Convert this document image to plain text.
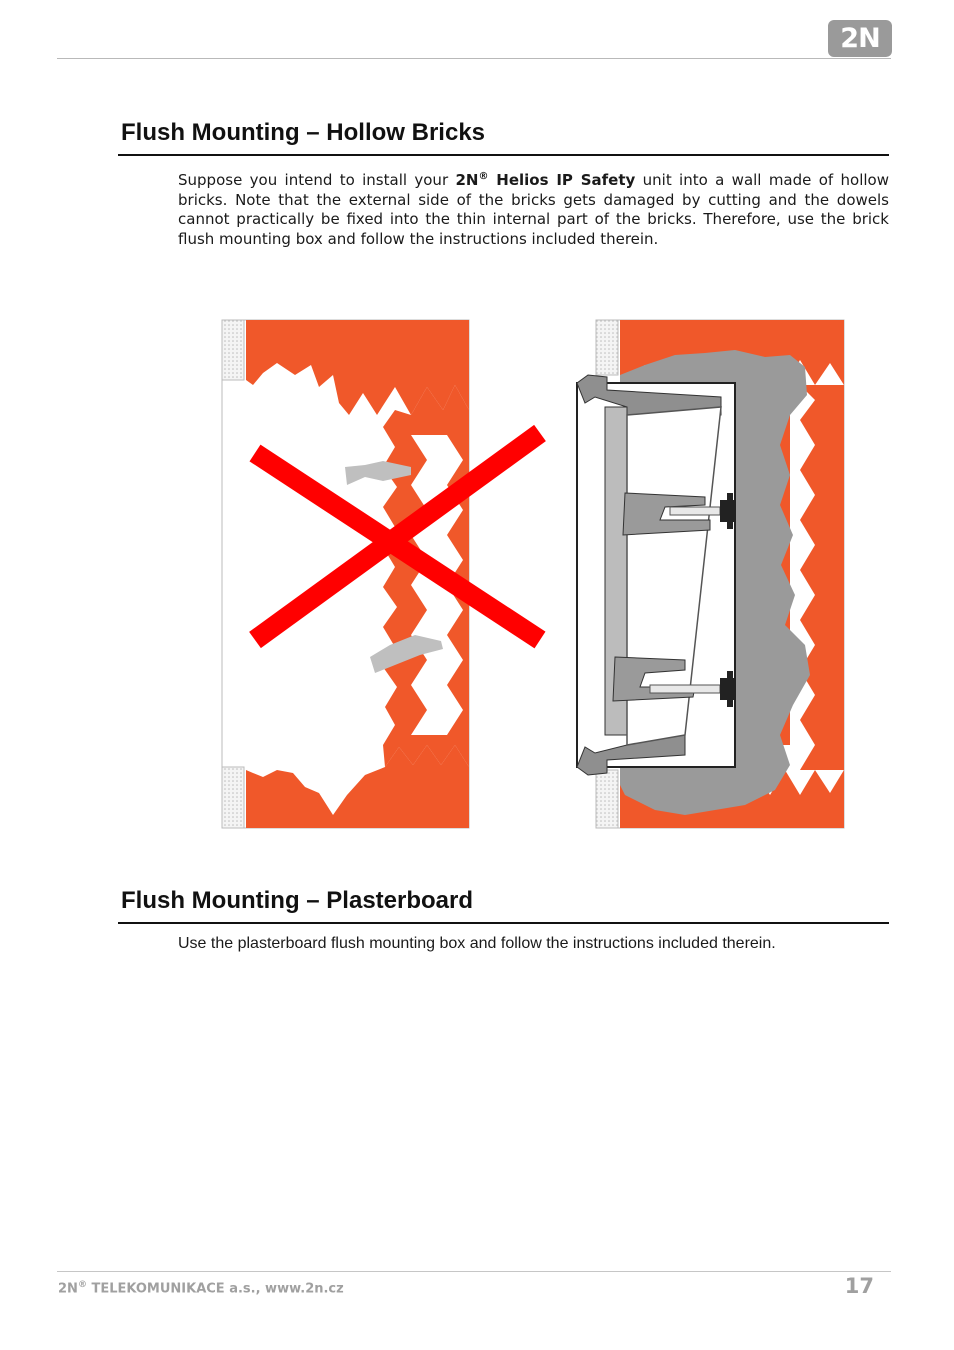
2N
Flush Mounting – Hollow Bricks
Suppose you intend to install your 2N® Helios IP Safety unit into a wall made of hollow bricks. Note that the external side of the bricks gets damaged by cutting and the dowels cannot practically be fixed into the thin internal part of the bricks. Therefore, use the brick flush mounting box and follow the instructions included therein.
Flush Mounting – Plasterboard
Use the plasterboard flush mounting box and follow the instructions included therein.
2N® TELEKOMUNIKACE a.s., www.2n.cz	17
